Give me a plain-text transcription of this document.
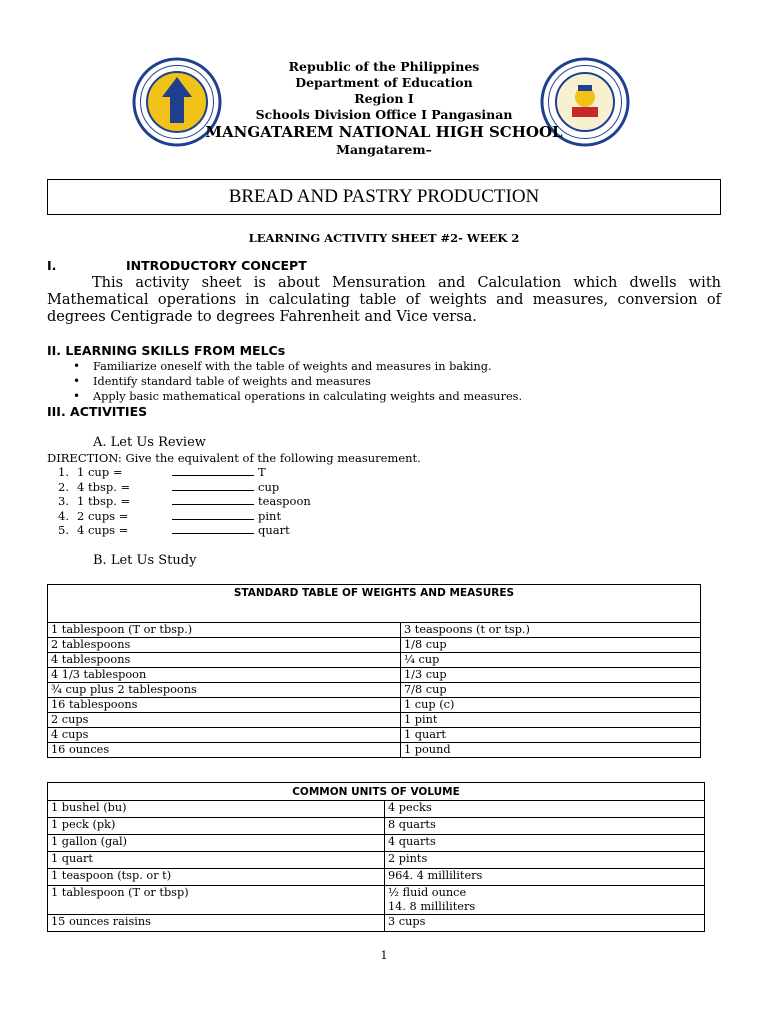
Republic of the Philippines
Department of Education
Region I
Schools Division Office I Pangasinan
MANGATAREM NATIONAL HIGH SCHOOL
Mangatarem–
BREAD AND PASTRY PRODUCTION
LEARNING ACTIVITY SHEET #2- WEEK 2
I.	INTRODUCTORY CONCEPT
This activity sheet is about Mensuration and Calculation which dwells with
Mathematical operations in calculating table of weights and measures, conversion of
degrees Centigrade to degrees Fahrenheit and Vice versa.
II. LEARNING SKILLS FROM MELCs
• Familiarize oneself with the table of weights and measures in baking.
• Identify standard table of weights and measures
• Apply basic mathematical operations in calculating weights and measures.
III. ACTIVITIES
A. Let Us Review
DIRECTION: Give the equivalent of the following measurement.
1. 1 cup =	T
2. 4 tbsp. =	cup
3. 1 tbsp. =	teaspoon
4. 2 cups =	pint
5. 4 cups =	quart
B. Let Us Study
STANDARD TABLE OF WEIGHTS AND MEASURES	
1 tablespoon (T or tbsp.)	3 teaspoons (t or tsp.)
2 tablespoons	1/8 cup
4 tablespoons	¼ cup
4 1/3 tablespoon	1/3 cup
¾ cup plus 2 tablespoons	7/8 cup
16 tablespoons	1 cup (c)
2 cups	1 pint
4 cups	1 quart
16 ounces	1 pound
COMMON UNITS OF VOLUME	
1 bushel (bu)	4 pecks
1 peck (pk)	8 quarts
1 gallon (gal)	4 quarts
1 quart	2 pints
1 teaspoon (tsp. or t)	964. 4 milliliters
1 tablespoon (T or tbsp)	½ fluid ounce
14. 8 milliliters
15 ounces raisins	3 cups
1
